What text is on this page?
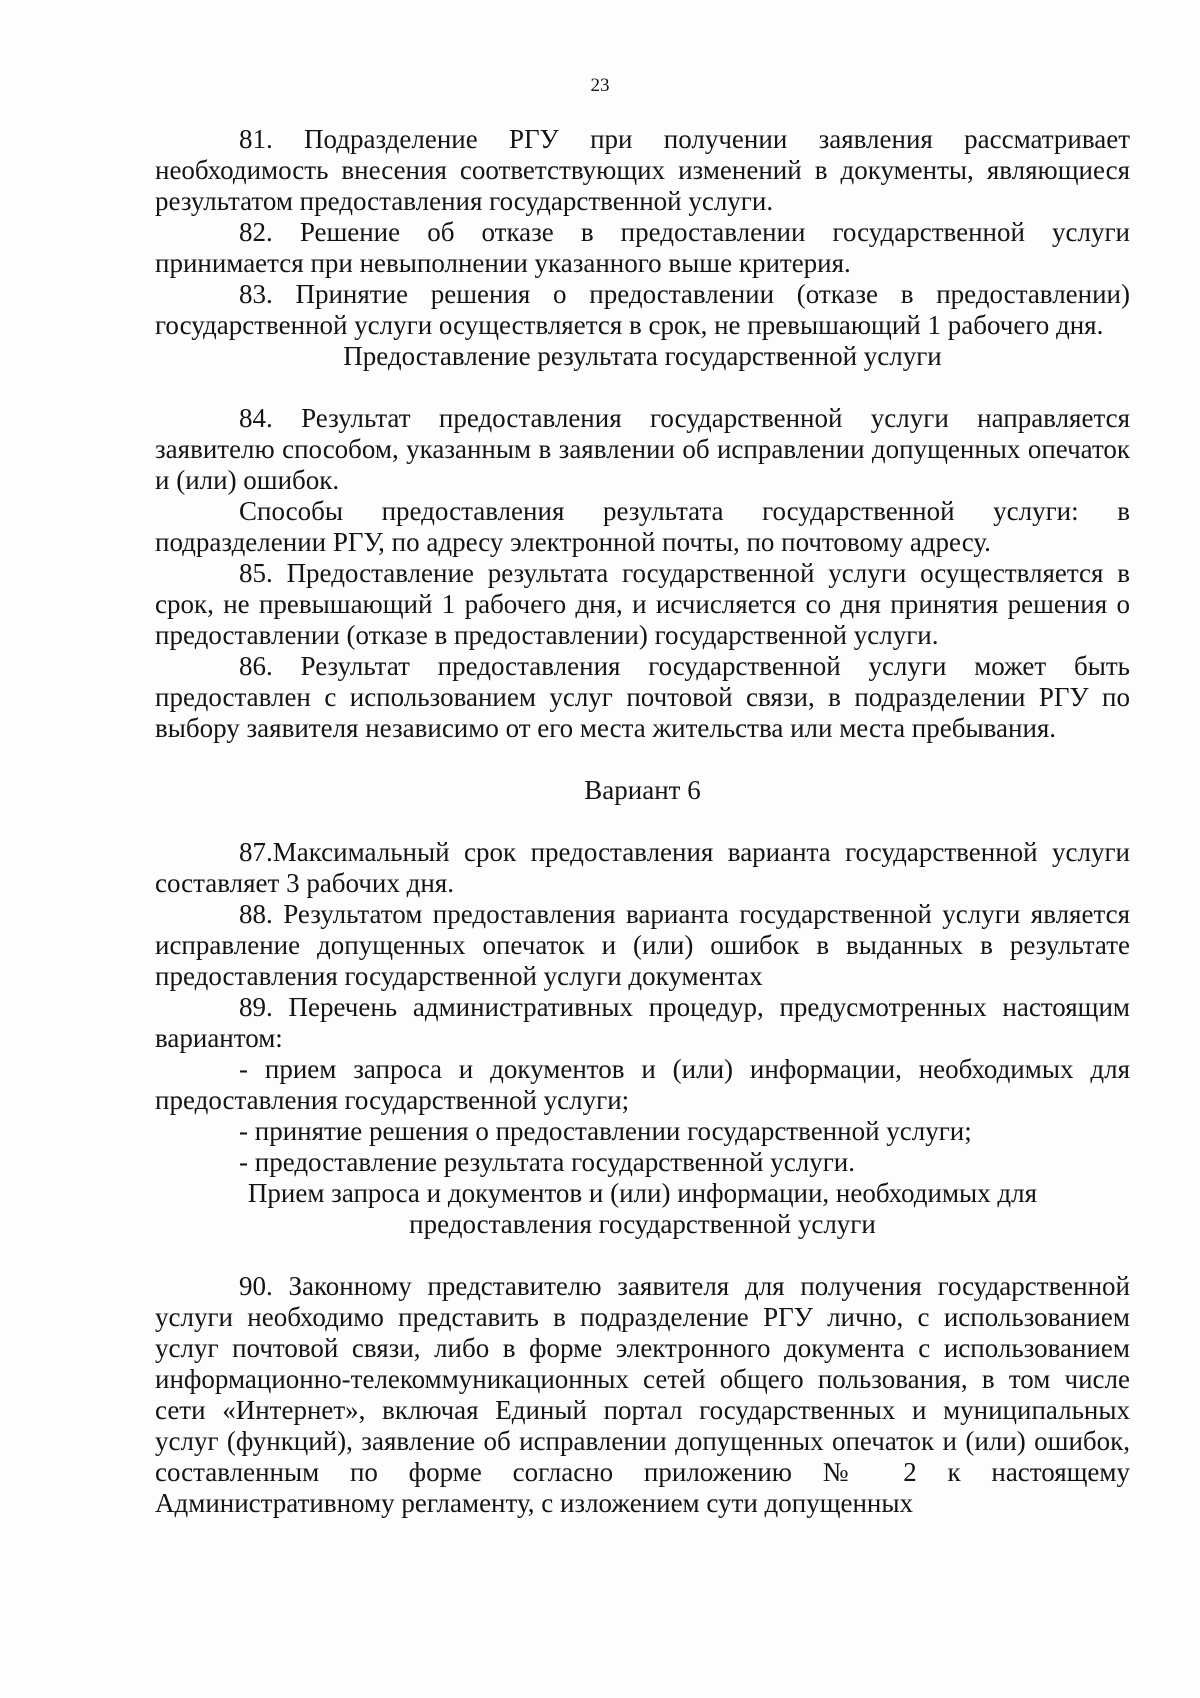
23

81. Подразделение РГУ при получении заявления рассматривает необходимость внесения соответствующих изменений в документы, являющиеся результатом предоставления государственной услуги.

82. Решение об отказе в предоставлении государственной услуги принимается при невыполнении указанного выше критерия.

83. Принятие решения о предоставлении (отказе в предоставлении) государственной услуги осуществляется в срок, не превышающий 1 рабочего дня.

Предоставление результата государственной услуги

84. Результат предоставления государственной услуги направляется заявителю способом, указанным в заявлении об исправлении допущенных опечаток и (или) ошибок.

Способы предоставления результата государственной услуги: в подразделении РГУ, по адресу электронной почты, по почтовому адресу.

85. Предоставление результата государственной услуги осуществляется в срок, не превышающий 1 рабочего дня, и исчисляется со дня принятия решения о предоставлении (отказе в предоставлении) государственной услуги.

86. Результат предоставления государственной услуги может быть предоставлен с использованием услуг почтовой связи, в подразделении РГУ по выбору заявителя независимо от его места жительства или места пребывания.

Вариант 6

87.Максимальный срок предоставления варианта государственной услуги составляет 3 рабочих дня.

88. Результатом предоставления варианта государственной услуги является исправление допущенных опечаток и (или) ошибок в выданных в результате предоставления государственной услуги документах

89. Перечень административных процедур, предусмотренных настоящим вариантом:

- прием запроса и документов и (или) информации, необходимых для предоставления государственной услуги;

- принятие решения о предоставлении государственной услуги;

- предоставление результата государственной услуги.

Прием запроса и документов и (или) информации, необходимых для

предоставления государственной услуги

90. Законному представителю заявителя для получения государственной услуги необходимо представить в подразделение РГУ лично, с использованием услуг почтовой связи, либо в форме электронного документа с использованием информационно-телекоммуникационных сетей общего пользования, в том числе сети «Интернет», включая Единый портал государственных и муниципальных услуг (функций), заявление об исправлении допущенных опечаток и (или) ошибок, составленным по форме согласно приложению № 2 к настоящему Административному регламенту, с изложением сути допущенных
